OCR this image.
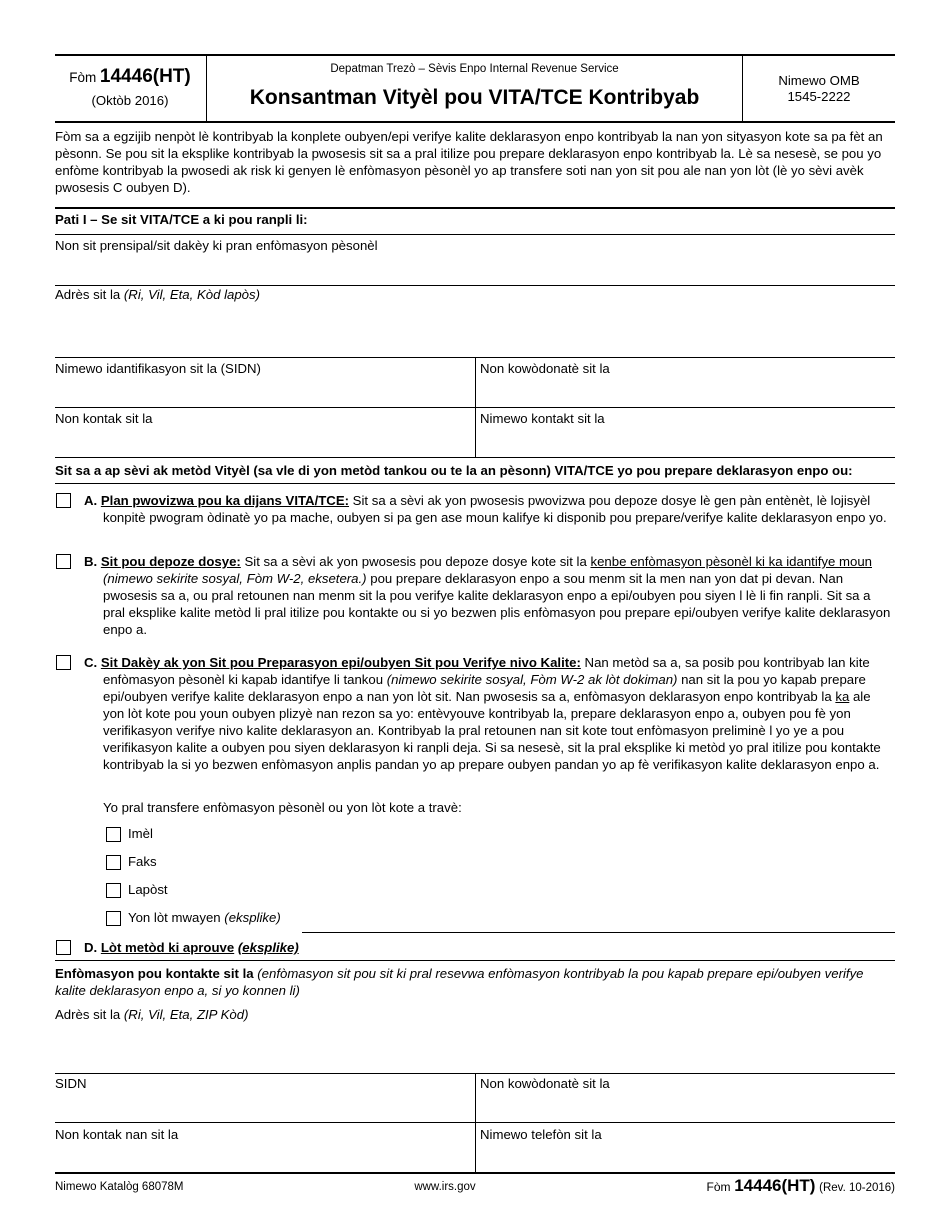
Fòm 14446(HT)
(Oktòb 2016)
Depatman Trezò – Sèvis Enpo Internal Revenue Service
Konsantman Vityèl pou VITA/TCE Kontribyab
Nimewo OMB
1545-2222
Fòm sa a egzijib nenpòt lè kontribyab la konplete oubyen/epi verifye kalite deklarasyon enpo kontribyab la nan yon sityasyon kote sa pa fèt an pèsonn. Se pou sit la eksplike kontribyab la pwosesis sit sa a pral itilize pou prepare deklarasyon enpo kontribyab la. Lè sa nesesè, se pou yo enfòme kontribyab la pwosedi ak risk ki genyen lè enfòmasyon pèsonèl yo ap transfere soti nan yon sit pou ale nan yon lòt (lè yo sèvi avèk pwosesis C oubyen D).
Pati I – Se sit VITA/TCE a ki pou ranpli li:
Non sit prensipal/sit dakèy ki pran enfòmasyon pèsonèl
Adrès sit la (Ri, Vil, Eta, Kòd lapòs)
Nimewo idantifikasyon sit la (SIDN)	Non kowòdonatè sit la
Non kontak sit la	Nimewo kontakt sit la
Sit sa a ap sèvi ak metòd Vityèl (sa vle di yon metòd tankou ou te la an pèsonn) VITA/TCE yo pou prepare deklarasyon enpo ou:
A. Plan pwovizwa pou ka dijans VITA/TCE: Sit sa a sèvi ak yon pwosesis pwovizwa pou depoze dosye lè gen pàn entènèt, lè lojisyèl konpitè pwogram òdinatè yo pa mache, oubyen si pa gen ase moun kalifye ki disponib pou prepare/verifye kalite deklarasyon enpo yo.
B. Sit pou depoze dosye: Sit sa a sèvi ak yon pwosesis pou depoze dosye kote sit la kenbe enfòmasyon pèsonèl ki ka idantifye moun (nimewo sekirite sosyal, Fòm W-2, eksetera.) pou prepare deklarasyon enpo a sou menm sit la men nan yon dat pi devan. Nan pwosesis sa a, ou pral retounen nan menm sit la pou verifye kalite deklarasyon enpo a epi/oubyen pou siyen l lè li fin ranpli. Sit sa a pral eksplike kalite metòd li pral itilize pou kontakte ou si yo bezwen plis enfòmasyon pou prepare epi/oubyen verifye kalite deklarasyon enpo a.
C. Sit Dakèy ak yon Sit pou Preparasyon epi/oubyen Sit pou Verifye nivo Kalite: Nan metòd sa a, sa posib pou kontribyab lan kite enfòmasyon pèsonèl ki kapab idantifye li tankou (nimewo sekirite sosyal, Fòm W-2 ak lòt dokiman) nan sit la pou yo kapab prepare epi/oubyen verifye kalite deklarasyon enpo a nan yon lòt sit. Nan pwosesis sa a, enfòmasyon deklarasyon enpo kontribyab la ka ale yon lòt kote pou youn oubyen plizyè nan rezon sa yo: entèvyouve kontribyab la, prepare deklarasyon enpo a, oubyen pou fè yon verifikasyon verifye nivo kalite deklarasyon an. Kontribyab la pral retounen nan sit kote tout enfòmasyon preliminè l yo ye a pou verifikasyon kalite a oubyen pou siyen deklarasyon ki ranpli deja. Si sa nesesè, sit la pral eksplike ki metòd yo pral itilize pou kontakte kontribyab la si yo bezwen enfòmasyon anplis pandan yo ap prepare oubyen pandan yo ap fè verifikasyon kalite deklarasyon enpo a.
Yo pral transfere enfòmasyon pèsonèl ou yon lòt kote a travè:
Imèl
Faks
Lapòst
Yon lòt mwayen (eksplike)
D. Lòt metòd ki aprouve (eksplike)
Enfòmasyon pou kontakte sit la (enfòmasyon sit pou sit ki pral resevwa enfòmasyon kontribyab la pou kapab prepare epi/oubyen verifye kalite deklarasyon enpo a, si yo konnen li)
Adrès sit la (Ri, Vil, Eta, ZIP Kòd)
SIDN	Non kowòdonatè sit la
Non kontak nan sit la	Nimewo telefòn sit la
Nimewo Katalòg 68078M	www.irs.gov	Fòm 14446(HT) (Rev. 10-2016)
